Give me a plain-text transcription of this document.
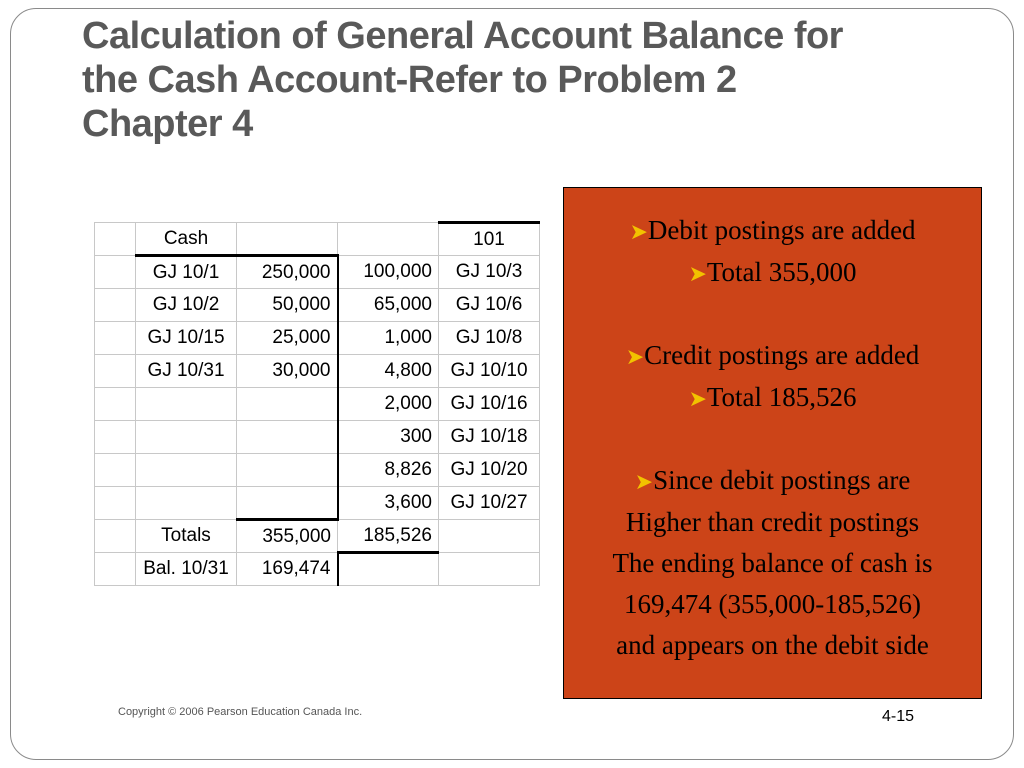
Calculation of General Account Balance for
the Cash Account-Refer to Problem 2
Chapter 4
	Cash			101
	GJ 10/1	250,000	100,000	GJ 10/3
	GJ 10/2	50,000	65,000	GJ 10/6
	GJ 10/15	25,000	1,000	GJ 10/8
	GJ 10/31	30,000	4,800	GJ 10/10
			2,000	GJ 10/16
			300	GJ 10/18
			8,826	GJ 10/20
			3,600	GJ 10/27
	Totals	355,000	185,526	
	Bal. 10/31	169,474		
➤Debit postings are added
➤Total 355,000
➤Credit postings are added
➤Total 185,526
➤Since debit postings are
Higher than credit postings
The ending balance of cash is
169,474 (355,000-185,526)
and appears on the debit side
Copyright © 2006 Pearson Education Canada Inc.	4-15
